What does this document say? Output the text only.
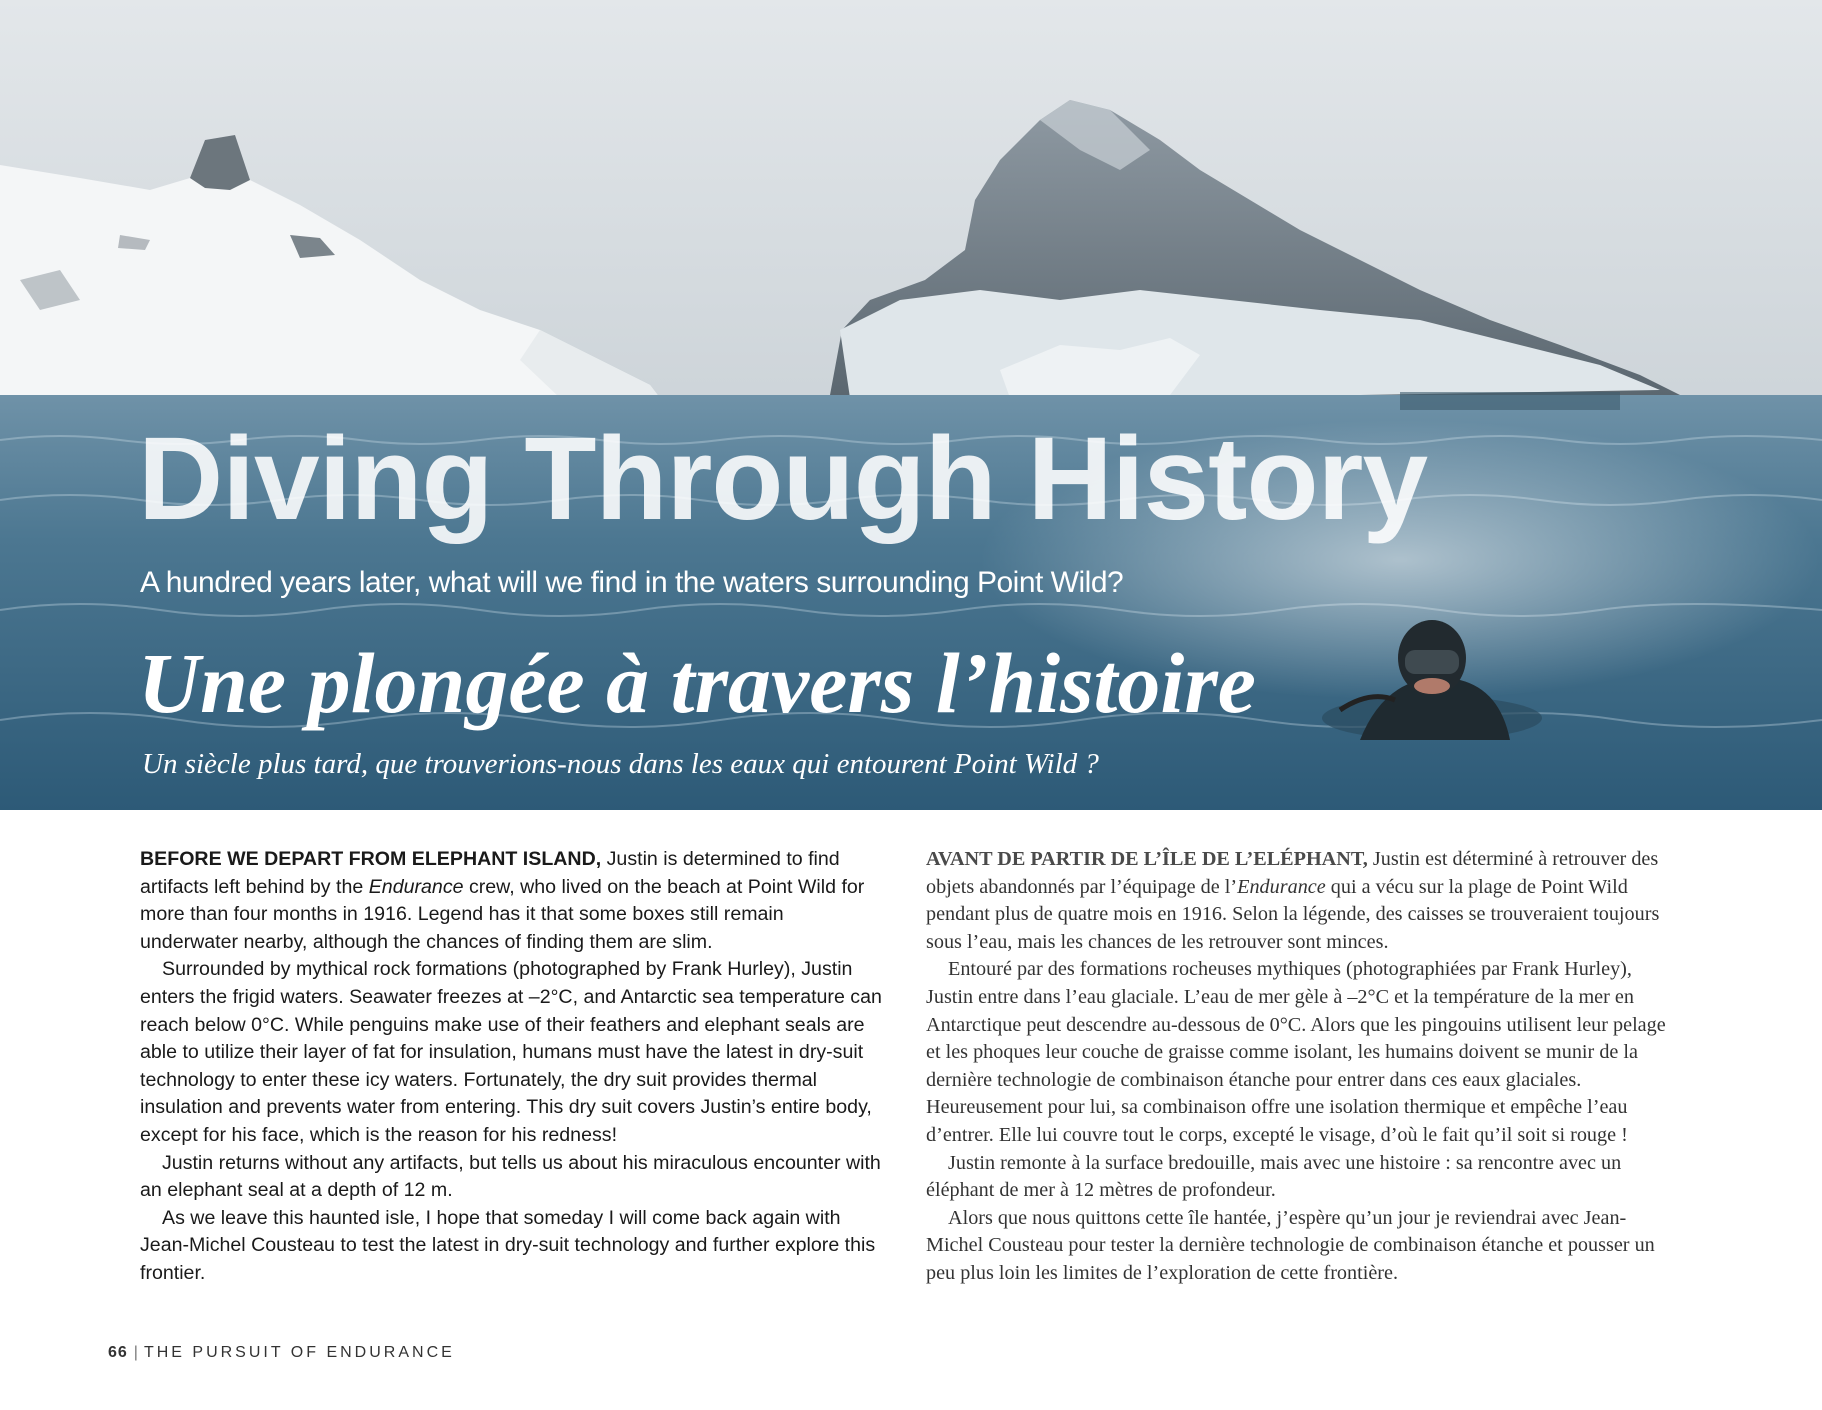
Diving Through History

A hundred years later, what will we find in the waters surrounding Point Wild?

Une plongée à travers l’histoire

Un siècle plus tard, que trouverions-nous dans les eaux qui entourent Point Wild ?

BEFORE WE DEPART FROM ELEPHANT ISLAND, Justin is determined to find artifacts left behind by the Endurance crew, who lived on the beach at Point Wild for more than four months in 1916. Legend has it that some boxes still remain underwater nearby, although the chances of finding them are slim.

Surrounded by mythical rock formations (photographed by Frank Hurley), Justin enters the frigid waters. Seawater freezes at –2°C, and Antarctic sea temperature can reach below 0°C. While penguins make use of their feathers and elephant seals are able to utilize their layer of fat for insulation, humans must have the latest in dry-suit technology to enter these icy waters. Fortunately, the dry suit provides thermal insulation and prevents water from entering. This dry suit covers Justin’s entire body, except for his face, which is the reason for his redness!

Justin returns without any artifacts, but tells us about his miraculous encounter with an elephant seal at a depth of 12 m.

As we leave this haunted isle, I hope that someday I will come back again with Jean-Michel Cousteau to test the latest in dry-suit technology and further explore this frontier.

AVANT DE PARTIR DE L’ÎLE DE L’ELÉPHANT, Justin est déterminé à retrouver des objets abandonnés par l’équipage de l’Endurance qui a vécu sur la plage de Point Wild pendant plus de quatre mois en 1916. Selon la légende, des caisses se trouveraient toujours sous l’eau, mais les chances de les retrouver sont minces.

Entouré par des formations rocheuses mythiques (photographiées par Frank Hurley), Justin entre dans l’eau glaciale. L’eau de mer gèle à –2°C et la température de la mer en Antarctique peut descendre au-dessous de 0°C. Alors que les pingouins utilisent leur pelage et les phoques leur couche de graisse comme isolant, les humains doivent se munir de la dernière technologie de combinaison étanche pour entrer dans ces eaux glaciales. Heureusement pour lui, sa combinaison offre une isolation thermique et empêche l’eau d’entrer. Elle lui couvre tout le corps, excepté le visage, d’où le fait qu’il soit si rouge !

Justin remonte à la surface bredouille, mais avec une histoire : sa rencontre avec un éléphant de mer à 12 mètres de profondeur.

Alors que nous quittons cette île hantée, j’espère qu’un jour je reviendrai avec Jean-Michel Cousteau pour tester la dernière technologie de combinaison étanche et pousser un peu plus loin les limites de l’exploration de cette frontière.

66 | THE PURSUIT OF ENDURANCE
